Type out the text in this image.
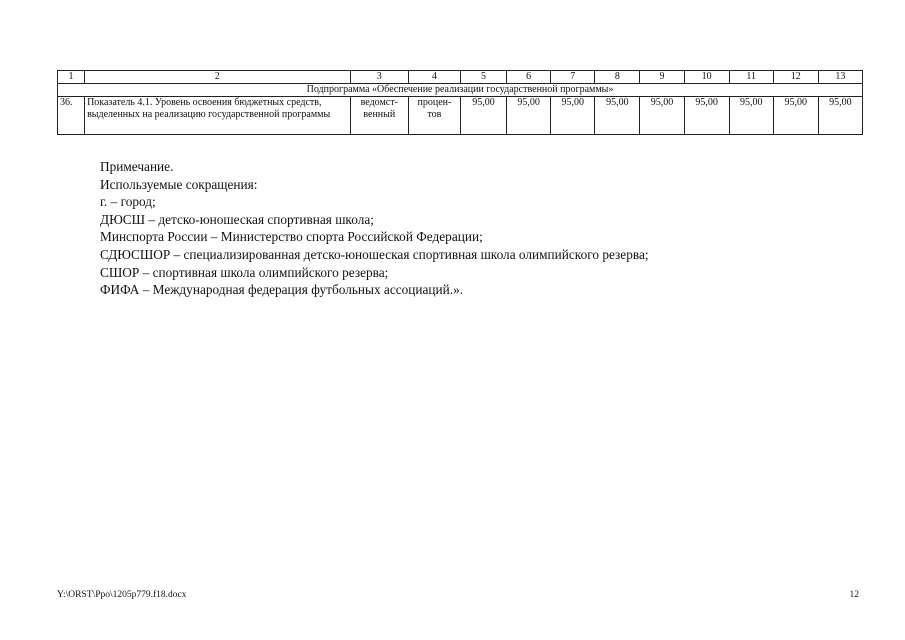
1	2	3	4	5	6	7	8	9	10	11	12	13
Подпрограмма «Обеспечение реализации государственной программы»												
36.	Показатель 4.1. Уровень освоения бюджетных средств, выделенных на реализацию государственной программы	ведомст-венный	процен-тов	95,00	95,00	95,00	95,00	95,00	95,00	95,00	95,00	95,00
Примечание.
Используемые сокращения:
г. – город;
ДЮСШ – детско-юношеская спортивная школа;
Минспорта России – Министерство спорта Российской Федерации;
СДЮСШОР – специализированная детско-юношеская спортивная школа олимпийского резерва;
СШОР – спортивная школа олимпийского резерва;
ФИФА – Международная федерация футбольных ассоциаций.».
Y:\ORST\Ppo\1205p779.f18.docx	12
